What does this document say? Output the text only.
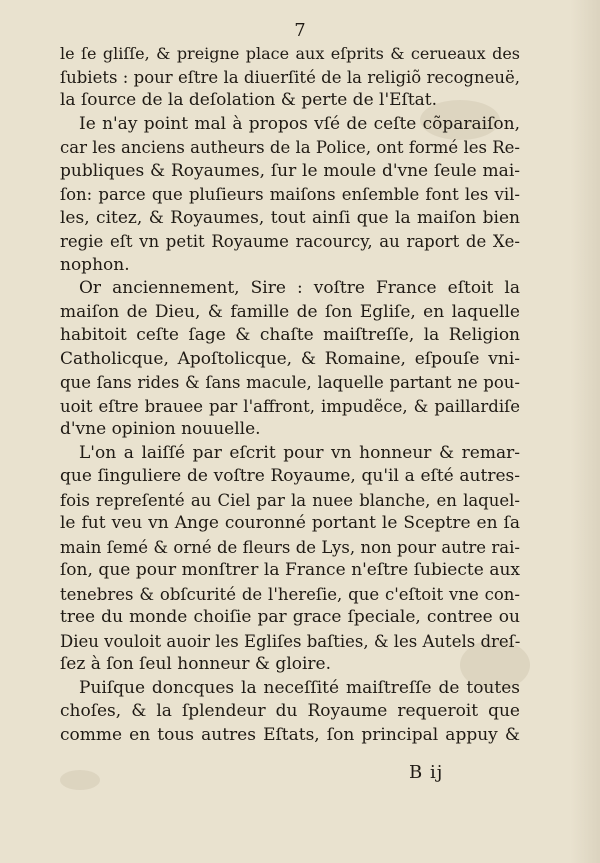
7
le ſe gliſſe, & preigne place aux eſprits & cerueaux des
ſubiets : pour eſtre la diuerſité de la religiõ recogneuë,
la ſource de la deſolation & perte de l'Eſtat.
Ie n'ay point mal à propos vſé de ceſte cõparaiſon,
car les anciens autheurs de la Police, ont formé les Re-
publiques & Royaumes, ſur le moule d'vne ſeule mai-
ſon: parce que pluſieurs maiſons enſemble font les vil-
les, citez, & Royaumes, tout ainſi que la maiſon bien
regie eſt vn petit Royaume racourcy, au raport de Xe-
nophon.
Or anciennement, Sire : voſtre France eſtoit la
maiſon de Dieu, & famille de ſon Egliſe, en laquelle
habitoit ceſte ſage & chaſte maiſtreſſe, la Religion
Catholicque, Apoſtolicque, & Romaine, eſpouſe vni-
que ſans rides & ſans macule, laquelle partant ne pou-
uoit eſtre brauee par l'affront, impudẽce, & paillardiſe
d'vne opinion nouuelle.
L'on a laiſſé par eſcrit pour vn honneur & remar-
que ſinguliere de voſtre Royaume, qu'il a eſté autres-
fois repreſenté au Ciel par la nuee blanche, en laquel-
le fut veu vn Ange couronné portant le Sceptre en ſa
main ſemé & orné de fleurs de Lys, non pour autre rai-
ſon, que pour monſtrer la France n'eſtre ſubiecte aux
tenebres & obſcurité de l'hereſie, que c'eſtoit vne con-
tree du monde choiſie par grace ſpeciale, contree ou
Dieu vouloit auoir les Egliſes baſties, & les Autels dreſ-
ſez à ſon ſeul honneur & gloire.
Puiſque doncques la neceſſité maiſtreſſe de toutes
choſes, & la ſplendeur du Royaume requeroit que
comme en tous autres Eſtats, ſon principal appuy &
B ij
